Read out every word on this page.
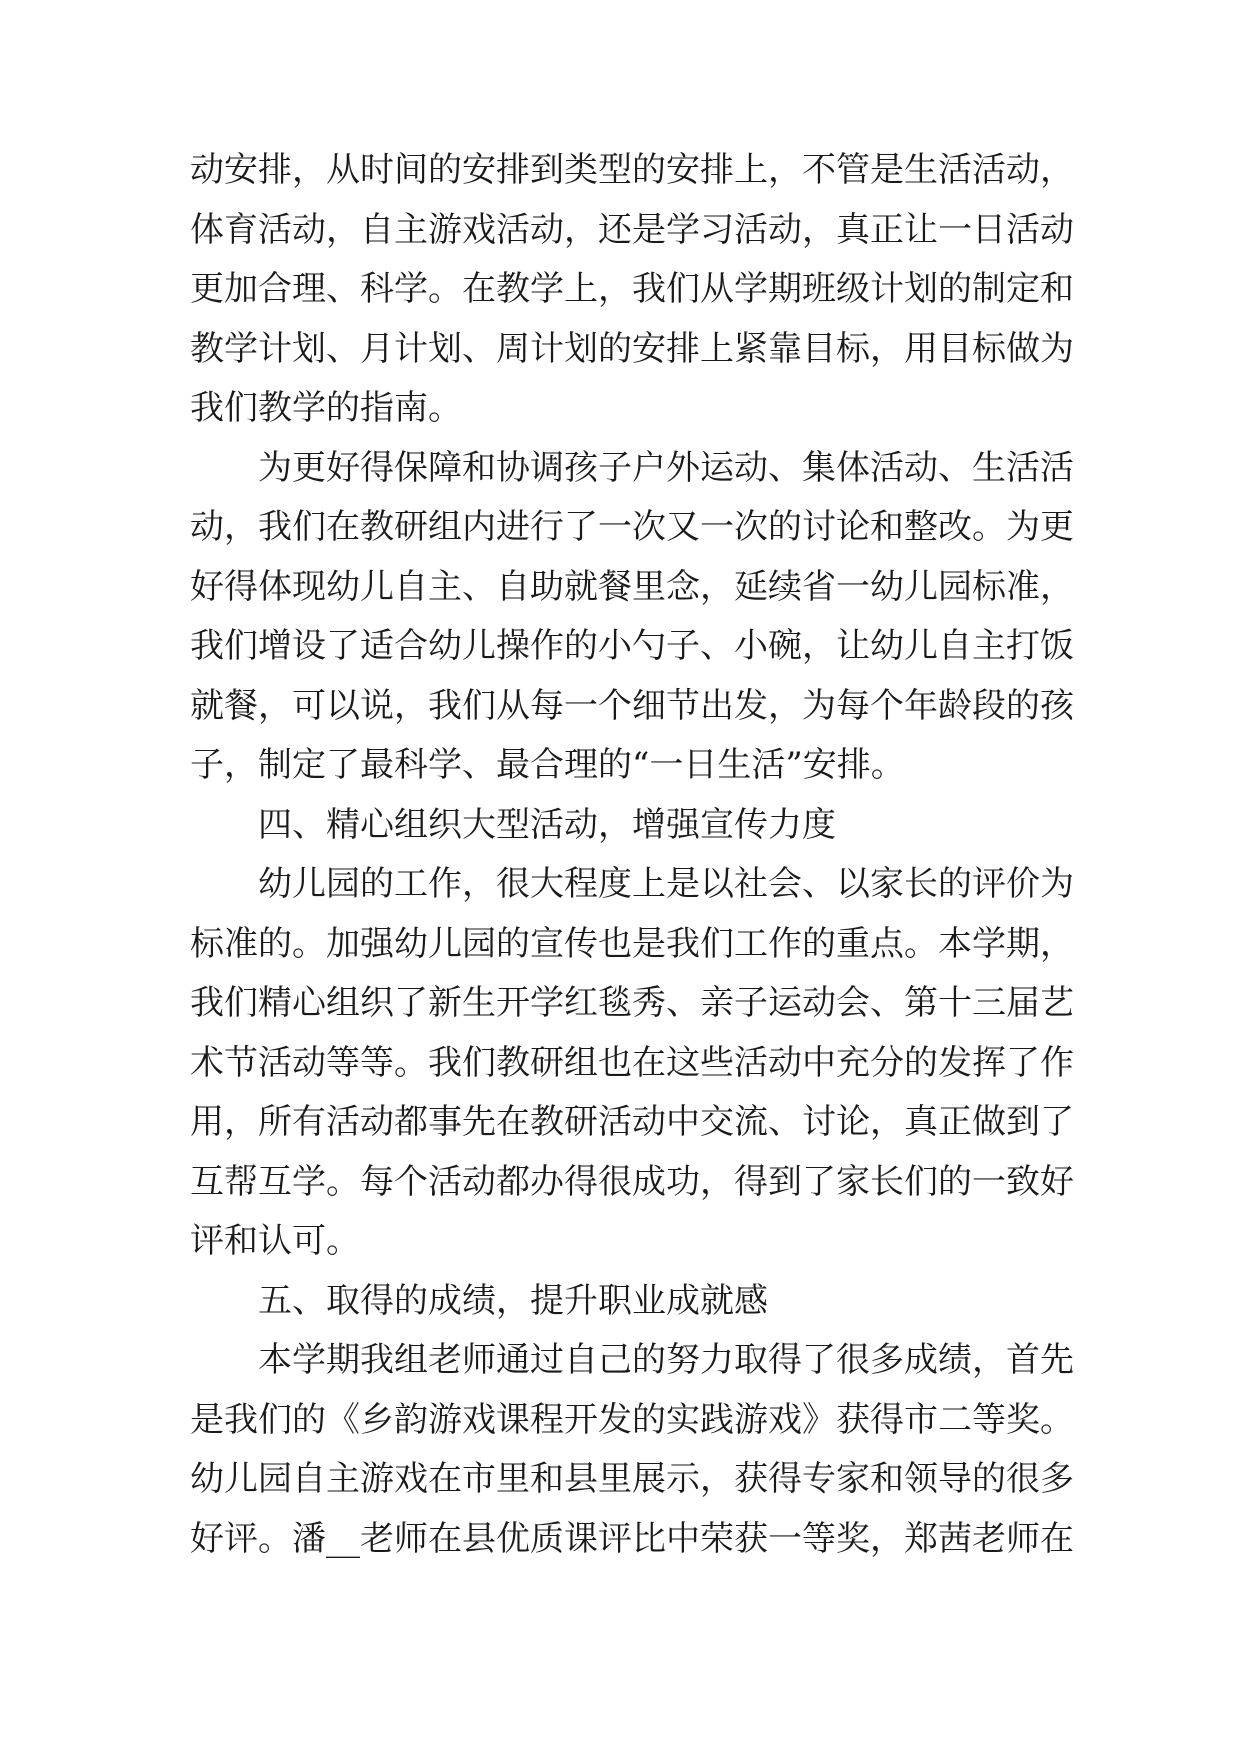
动安排，从时间的安排到类型的安排上，不管是生活活动，
体育活动，自主游戏活动，还是学习活动，真正让一日活动
更加合理、科学。在教学上，我们从学期班级计划的制定和
教学计划、月计划、周计划的安排上紧靠目标，用目标做为
我们教学的指南。
为更好得保障和协调孩子户外运动、集体活动、生活活
动，我们在教研组内进行了一次又一次的讨论和整改。为更
好得体现幼儿自主、自助就餐里念，延续省一幼儿园标准，
我们增设了适合幼儿操作的小勺子、小碗，让幼儿自主打饭
就餐，可以说，我们从每一个细节出发，为每个年龄段的孩
子，制定了最科学、最合理的“一日生活”安排。
四、精心组织大型活动，增强宣传力度
幼儿园的工作，很大程度上是以社会、以家长的评价为
标准的。加强幼儿园的宣传也是我们工作的重点。本学期，
我们精心组织了新生开学红毯秀、亲子运动会、第十三届艺
术节活动等等。我们教研组也在这些活动中充分的发挥了作
用，所有活动都事先在教研活动中交流、讨论，真正做到了
互帮互学。每个活动都办得很成功，得到了家长们的一致好
评和认可。
五、取得的成绩，提升职业成就感
本学期我组老师通过自己的努力取得了很多成绩，首先
是我们的《乡韵游戏课程开发的实践游戏》获得市二等奖。
幼儿园自主游戏在市里和县里展示，获得专家和领导的很多
好评。潘__老师在县优质课评比中荣获一等奖，郑茜老师在
